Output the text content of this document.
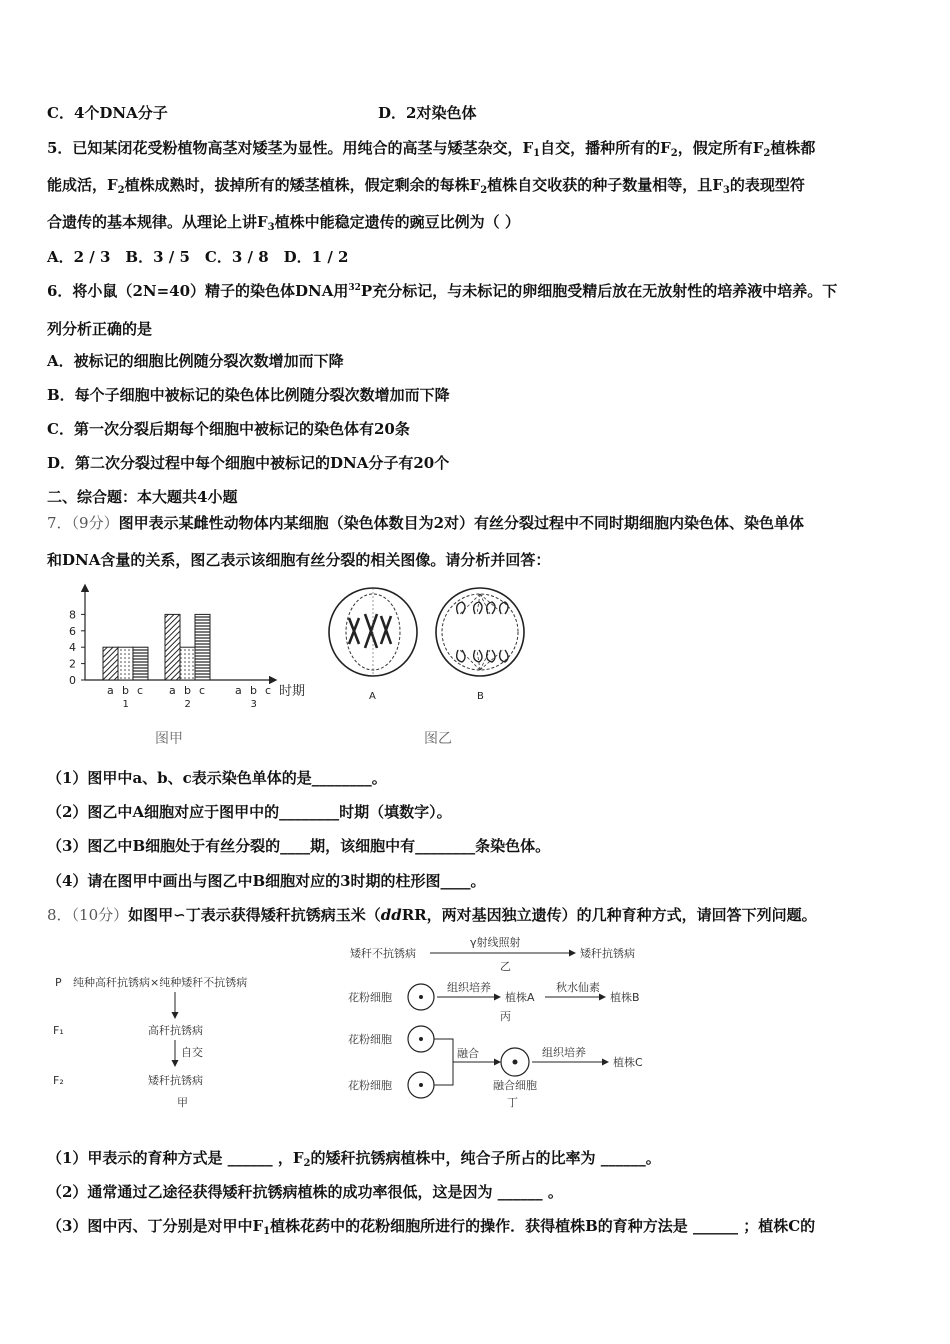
C．4个DNA分子	D．2对染色体
5．已知某闭花受粉植物高茎对矮茎为显性。用纯合的高茎与矮茎杂交，$F_1$自交，播种所有的$F_2$，假定所有$F_2$植株都
能成活，$F_2$植株成熟时，拔掉所有的矮茎植株，假定剩余的每株$F_2$植株自交收获的种子数量相等，且$F_3$的表现型符
合遗传的基本规律。从理论上讲$F_3$植株中能稳定遗传的豌豆比例为（ ）
A．2 / 3　B．3 / 5　C．3 / 8　D．1 / 2
6．将小鼠（2N=40）精子的染色体DNA用$^{32}$P充分标记，与未标记的卵细胞受精后放在无放射性的培养液中培养。下
列分析正确的是
A．被标记的细胞比例随分裂次数增加而下降
B．每个子细胞中被标记的染色体比例随分裂次数增加而下降
C．第一次分裂后期每个细胞中被标记的染色体有20条
D．第二次分裂过程中每个细胞中被标记的DNA分子有20个
二、综合题：本大题共4小题
7．（9分）图甲表示某雌性动物体内某细胞（染色体数目为2对）有丝分裂过程中不同时期细胞内染色体、染色单体
和DNA含量的关系，图乙表示该细胞有丝分裂的相关图像。请分析并回答：
8
6
4
2
0
a b c
1
a b c
2
a b c
3
时期
图甲
A	B
图乙
（1）图甲中a、b、c表示染色单体的是________。
（2）图乙中A细胞对应于图甲中的________时期（填数字）。
（3）图乙中B细胞处于有丝分裂的____期，该细胞中有________条染色体。
（4）请在图甲中画出与图乙中B细胞对应的3时期的柱形图____。
8．（10分）如图甲∽丁表示获得矮秆抗锈病玉米（ddRR，两对基因独立遗传）的几种育种方式，请回答下列问题。
P 纯种高秆抗锈病×纯种矮秆不抗锈病
F₁	高秆抗锈病
自交
F₂	矮秆抗锈病
甲
矮秆不抗锈病
γ射线照射
矮秆抗锈病
乙
花粉细胞
组织培养
植株A
秋水仙素
植株B
丙
花粉细胞
花粉细胞
融合
融合细胞
组织培养
植株C
丁
（1）甲表示的育种方式是 ______ ，$F_2$的矮秆抗锈病植株中，纯合子所占的比率为 ______。
（2）通常通过乙途径获得矮秆抗锈病植株的成功率很低，这是因为 ______ 。
（3）图中丙、丁分别是对甲中$F_1$植株花药中的花粉细胞所进行的操作．获得植株B的育种方法是 ______ ；植株C的
